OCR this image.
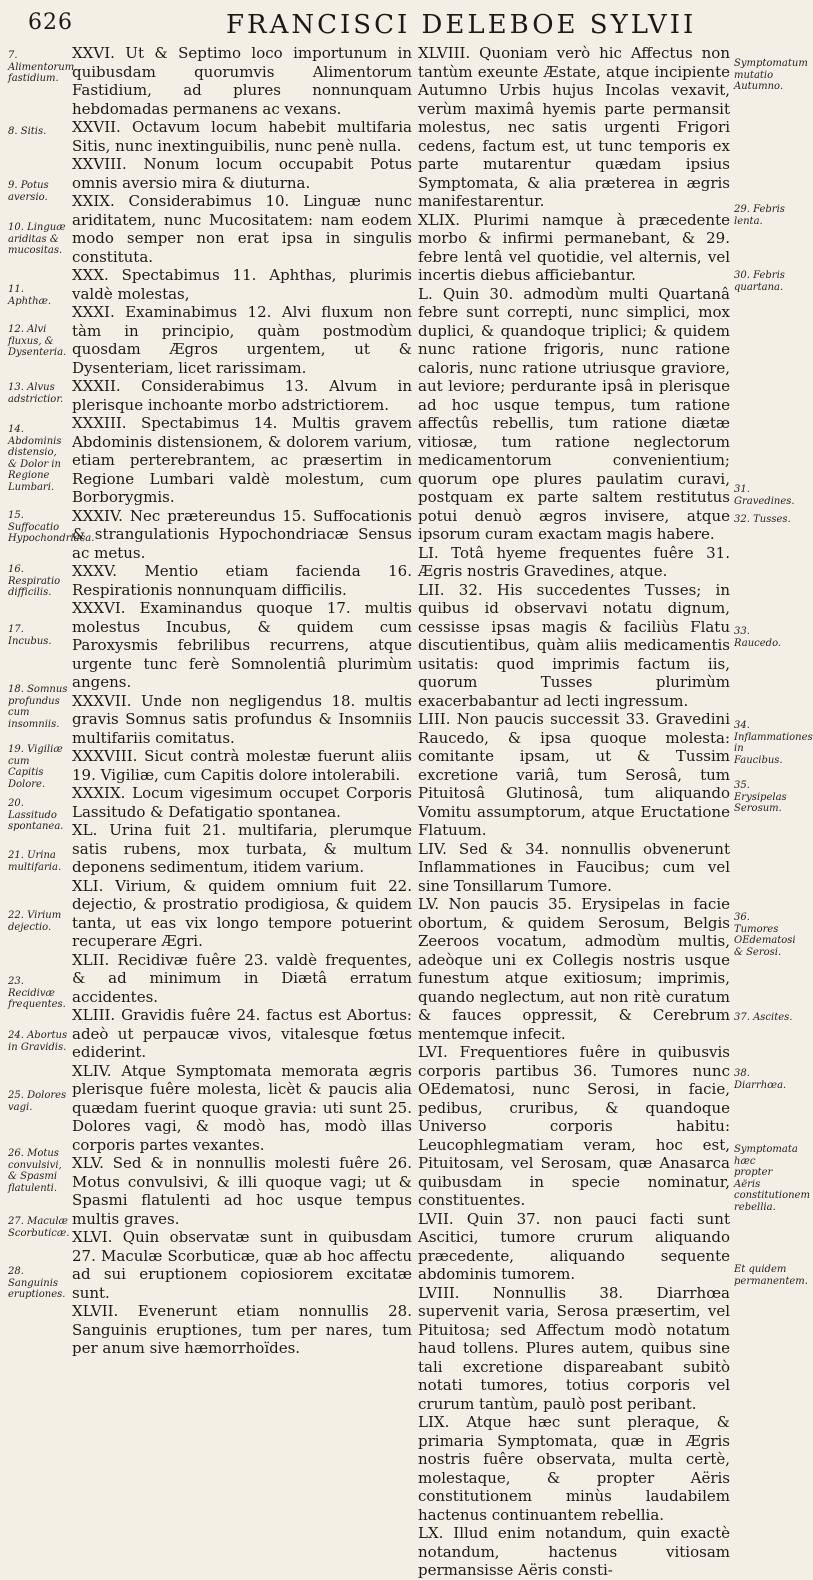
626	FRANCISCI DELEBOE SYLVII
7. Alimentorum fastidium.
8. Sitis.
9. Potus aversio.
10. Linguæ ariditas & mucositas.
11. Aphthæ.
12. Alvi fluxus, & Dysenteria.
13. Alvus adstrictior.
14. Abdominis distensio, & Dolor in Regione Lumbari.
15. Suffocatio Hypochondriaca.
16. Respiratio difficilis.
17. Incubus.
18. Somnus profundus cum insomniis.
19. Vigiliæ cum Capitis Dolore.
20. Lassitudo spontanea.
21. Urina multifaria.
22. Virium dejectio.
23. Recidivæ frequentes.
24. Abortus in Gravidis.
25. Dolores vagi.
26. Motus convulsivi, & Spasmi flatulenti.
27. Maculæ Scorbuticæ.
28. Sanguinis eruptiones.

XXVI. Ut & Septimo loco importunum in quibusdam quorumvis Alimentorum Fastidium, ad plures nonnunquam hebdomadas permanens ac vexans.

XXVII. Octavum locum habebit multifaria Sitis, nunc inextinguibilis, nunc penè nulla.

XXVIII. Nonum locum occupabit Potus omnis aversio mira & diuturna.

XXIX. Considerabimus 10. Linguæ nunc ariditatem, nunc Mucositatem: nam eodem modo semper non erat ipsa in singulis constituta.

XXX. Spectabimus 11. Aphthas, plurimis valdè molestas,

XXXI. Examinabimus 12. Alvi fluxum non tàm in principio, quàm postmodùm quosdam Ægros urgentem, ut & Dysenteriam, licet rarissimam.

XXXII. Considerabimus 13. Alvum in plerisque inchoante morbo adstrictiorem.

XXXIII. Spectabimus 14. Multis gravem Abdominis distensionem, & dolorem varium, etiam perterebrantem, ac præsertim in Regione Lumbari valdè molestum, cum Borborygmis.

XXXIV. Nec prætereundus 15. Suffocationis & strangulationis Hypochondriacæ Sensus ac metus.

XXXV. Mentio etiam facienda 16. Respirationis nonnunquam difficilis.

XXXVI. Examinandus quoque 17. multis molestus Incubus, & quidem cum Paroxysmis febrilibus recurrens, atque urgente tunc ferè Somnolentiâ plurimùm angens.

XXXVII. Unde non negligendus 18. multis gravis Somnus satis profundus & Insomniis multifariis comitatus.

XXXVIII. Sicut contrà molestæ fuerunt aliis 19. Vigiliæ, cum Capitis dolore intolerabili.

XXXIX. Locum vigesimum occupet Corporis Lassitudo & Defatigatio spontanea.

XL. Urina fuit 21. multifaria, plerumque satis rubens, mox turbata, & multum deponens sedimentum, itidem varium.

XLI. Virium, & quidem omnium fuit 22. dejectio, & prostratio prodigiosa, & quidem tanta, ut eas vix longo tempore potuerint recuperare Ægri.

XLII. Recidivæ fuêre 23. valdè frequentes, & ad minimum in Diætâ erratum accidentes.

XLIII. Gravidis fuêre 24. factus est Abortus: adeò ut perpaucæ vivos, vitalesque fœtus ediderint.

XLIV. Atque Symptomata memorata ægris plerisque fuêre molesta, licèt & paucis alia quædam fuerint quoque gravia: uti sunt 25. Dolores vagi, & modò has, modò illas corporis partes vexantes.

XLV. Sed & in nonnullis molesti fuêre 26. Motus convulsivi, & illi quoque vagi; ut & Spasmi flatulenti ad hoc usque tempus multis graves.

XLVI. Quin observatæ sunt in quibusdam 27. Maculæ Scorbuticæ, quæ ab hoc affectu ad sui eruptionem copiosiorem excitatæ sunt.

XLVII. Evenerunt etiam nonnullis 28. Sanguinis eruptiones, tum per nares, tum per anum sive hæmorrhoïdes.

XLVIII. Quoniam verò hic Affectus non tantùm exeunte Æstate, atque incipiente Autumno Urbis hujus Incolas vexavit, verùm maximâ hyemis parte permansit molestus, nec satis urgenti Frigori cedens, factum est, ut tunc temporis ex parte mutarentur quædam ipsius Symptomata, & alia præterea in ægris manifestarentur.

XLIX. Plurimi namque à præcedente morbo & infirmi permanebant, & 29. febre lentâ vel quotidie, vel alternis, vel incertis diebus afficiebantur.

L. Quin 30. admodùm multi Quartanâ febre sunt correpti, nunc simplici, mox duplici, & quandoque triplici; & quidem nunc ratione frigoris, nunc ratione caloris, nunc ratione utriusque graviore, aut leviore; perdurante ipsâ in plerisque ad hoc usque tempus, tum ratione affectûs rebellis, tum ratione diætæ vitiosæ, tum ratione neglectorum medicamentorum convenientium; quorum ope plures paulatim curavi, postquam ex parte saltem restitutus potui denuò ægros invisere, atque ipsorum curam exactam magis habere.

LI. Totâ hyeme frequentes fuêre 31. Ægris nostris Gravedines, atque.

LII. 32. His succedentes Tusses; in quibus id observavi notatu dignum, cessisse ipsas magis & faciliùs Flatu discutientibus, quàm aliis medicamentis usitatis: quod imprimis factum iis, quorum Tusses plurimùm exacerbabantur ad lecti ingressum.

LIII. Non paucis successit 33. Gravedini Raucedo, & ipsa quoque molesta: comitante ipsam, ut & Tussim excretione variâ, tum Serosâ, tum Pituitosâ Glutinosâ, tum aliquando Vomitu assumptorum, atque Eructatione Flatuum.

LIV. Sed & 34. nonnullis obvenerunt Inflammationes in Faucibus; cum vel sine Tonsillarum Tumore.

LV. Non paucis 35. Erysipelas in facie obortum, & quidem Serosum, Belgis Zeeroos vocatum, admodùm multis, adeòque uni ex Collegis nostris usque funestum atque exitiosum; imprimis, quando neglectum, aut non ritè curatum & fauces oppressit, & Cerebrum mentemque infecit.

LVI. Frequentiores fuêre in quibusvis corporis partibus 36. Tumores nunc OEdematosi, nunc Serosi, in facie, pedibus, cruribus, & quandoque Universo corporis habitu: Leucophlegmatiam veram, hoc est, Pituitosam, vel Serosam, quæ Anasarca quibusdam in specie nominatur, constituentes.

LVII. Quin 37. non pauci facti sunt Ascitici, tumore crurum aliquando præcedente, aliquando sequente abdominis tumorem.

LVIII. Nonnullis 38. Diarrhœa supervenit varia, Serosa præsertim, vel Pituitosa; sed Affectum modò notatum haud tollens. Plures autem, quibus sine tali excretione dispareabant subitò notati tumores, totius corporis vel crurum tantùm, paulò post peribant.

LIX. Atque hæc sunt pleraque, & primaria Symptomata, quæ in Ægris nostris fuêre observata, multa certè, molestaque, & propter Aëris constitutionem minùs laudabilem hactenus continuantem rebellia.

LX. Illud enim notandum, quin exactè notandum, hactenus vitiosam permansisse Aëris consti-

Symptomatum mutatio Autumno.
29. Febris lenta.
30. Febris quartana.
31. Gravedines.
32. Tusses.
33. Raucedo.
34. Inflammationes in Faucibus.
35. Erysipelas Serosum.
36. Tumores OEdematosi & Serosi.
37. Ascites.
38. Diarrhœa.
Symptomata hæc propter Aëris constitutionem rebellia.
Et quidem permanentem.
